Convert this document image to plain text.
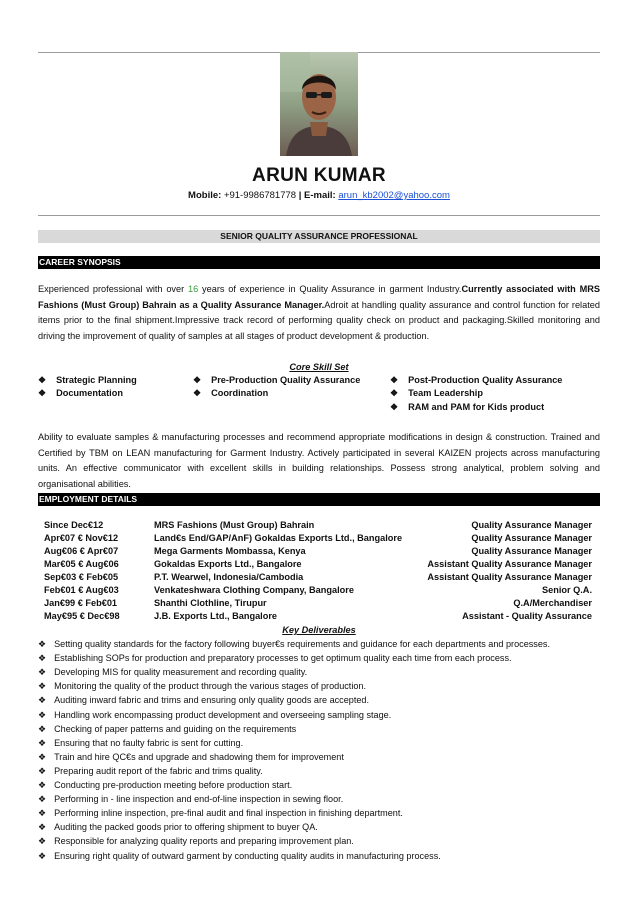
ARUN KUMAR
Mobile: +91-9986781778 | E-mail: arun_kb2002@yahoo.com
SENIOR QUALITY ASSURANCE PROFESSIONAL
CAREER SYNOPSIS
Experienced professional with over 16 years of experience in Quality Assurance in garment Industry.Currently associated with MRS Fashions (Must Group) Bahrain as a Quality Assurance Manager.Adroit at handling quality assurance and control function for related items prior to the final shipment.Impressive track record of performing quality check on product and packaging.Skilled monitoring and driving the improvement of quality of samples at all stages of product development & production.
Core Skill Set
❖ Strategic Planning
❖ Documentation
❖ Pre-Production Quality Assurance
❖ Coordination
❖ Post-Production Quality Assurance
❖ Team Leadership
❖ RAM and PAM for Kids product
Ability to evaluate samples & manufacturing processes and recommend appropriate modifications in design & construction. Trained and Certified by TBM on LEAN manufacturing for Garment Industry. Actively participated in several KAIZEN projects across manufacturing units. An effective communicator with excellent skills in building relationships. Possess strong analytical, problem solving and organisational abilities.
EMPLOYMENT DETAILS
Since Dec€12	MRS Fashions (Must Group) Bahrain	Quality Assurance Manager
Apr€07 € Nov€12	Land€s End/GAP/AnF) Gokaldas Exports Ltd., Bangalore	Quality Assurance Manager
Aug€06 € Apr€07	Mega Garments Mombassa, Kenya	Quality Assurance Manager
Mar€05 € Aug€06	Gokaldas Exports Ltd., Bangalore	Assistant Quality Assurance Manager
Sep€03 € Feb€05	P.T. Wearwel, Indonesia/Cambodia	Assistant Quality Assurance Manager
Feb€01 € Aug€03	Venkateshwara Clothing Company, Bangalore	Senior Q.A.
Jan€99 € Feb€01	Shanthi Clothline, Tirupur	Q.A/Merchandiser
May€95 € Dec€98	J.B. Exports Ltd., Bangalore	Assistant - Quality Assurance
Key Deliverables
❖ Setting quality standards for the factory following buyer€s requirements and guidance for each departments and processes.
❖ Establishing SOPs for production and preparatory processes to get optimum quality each time from each process.
❖ Developing MIS for quality measurement and recording quality.
❖ Monitoring the quality of the product through the various stages of production.
❖ Auditing inward fabric and trims and ensuring only quality goods are accepted.
❖ Handling work encompassing product development and overseeing sampling stage.
❖ Checking of paper patterns and guiding on the requirements
❖ Ensuring that no faulty fabric is sent for cutting.
❖ Train and hire QC€s and upgrade and shadowing them for improvement
❖ Preparing audit report of the fabric and trims quality.
❖ Conducting pre-production meeting before production start.
❖ Performing in - line inspection and end-of-line inspection in sewing floor.
❖ Performing inline inspection, pre-final audit and final inspection in finishing department.
❖ Auditing the packed goods prior to offering shipment to buyer QA.
❖ Responsible for analyzing quality reports and preparing improvement plan.
❖ Ensuring right quality of outward garment by conducting quality audits in manufacturing process.
